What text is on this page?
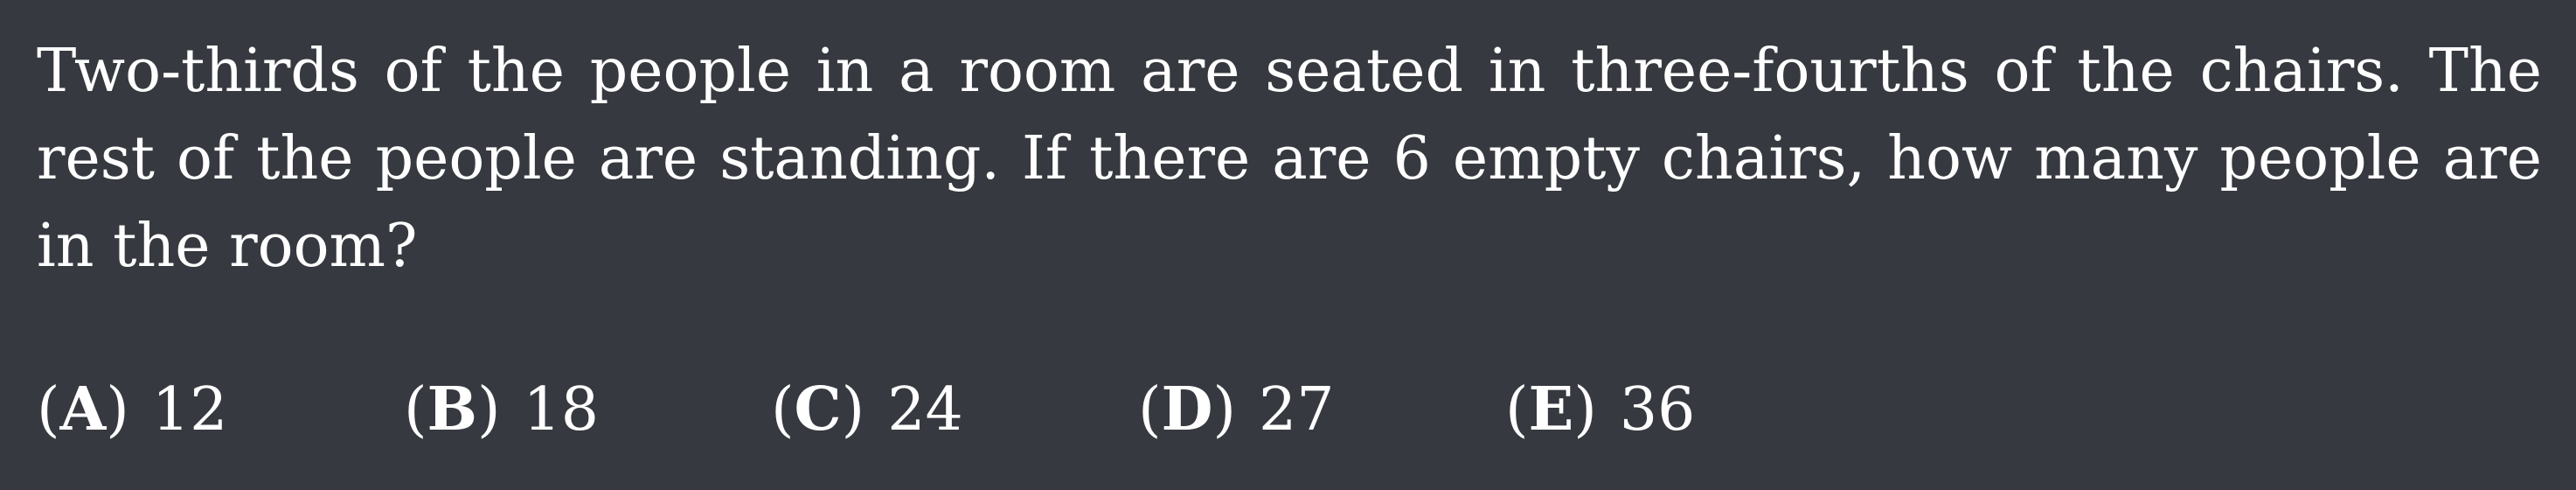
Two-thirds of the people in a room are seated in three-fourths of the chairs. The rest of the people are standing. If there are 6 empty chairs, how many people are in the room?

( A ) 12	( B ) 18	( C ) 24	( D ) 27	( E ) 36
